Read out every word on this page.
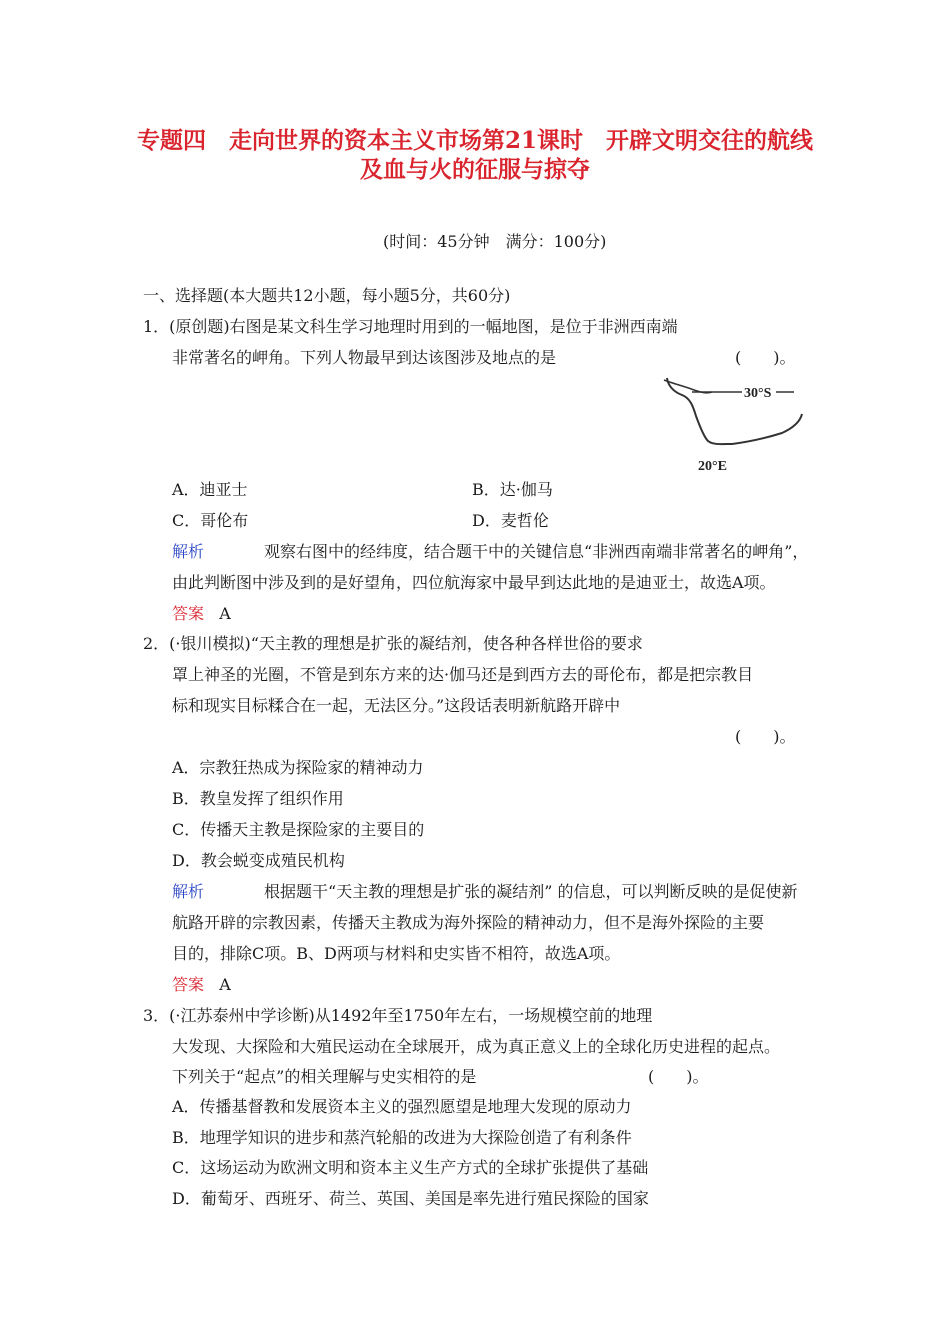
专题四　走向世界的资本主义市场第21课时　开辟文明交往的航线
及血与火的征服与掠夺
(时间：45分钟　满分：100分)
一、选择题(本大题共12小题，每小题5分，共60分)
1．(原创题)右图是某文科生学习地理时用到的一幅地图，是位于非洲西南端
非常著名的岬角。下列人物最早到达该图涉及地点的是	(　　)。
30°S
20°E
A．迪亚士	B．达·伽马
C．哥伦布	D．麦哲伦
解析	观察右图中的经纬度，结合题干中的关键信息“非洲西南端非常著名的岬角”，
由此判断图中涉及到的是好望角，四位航海家中最早到达此地的是迪亚士，故选A项。
答案 A
2．(·银川模拟)“天主教的理想是扩张的凝结剂，使各种各样世俗的要求
罩上神圣的光圈，不管是到东方来的达·伽马还是到西方去的哥伦布，都是把宗教目
标和现实目标糅合在一起，无法区分。”这段话表明新航路开辟中
(　　)。
A．宗教狂热成为探险家的精神动力
B．教皇发挥了组织作用
C．传播天主教是探险家的主要目的
D．教会蜕变成殖民机构
解析	根据题干“天主教的理想是扩张的凝结剂” 的信息，可以判断反映的是促使新
航路开辟的宗教因素，传播天主教成为海外探险的精神动力，但不是海外探险的主要
目的，排除C项。B、D两项与材料和史实皆不相符，故选A项。
答案 A
3．(·江苏泰州中学诊断)从1492年至1750年左右，一场规模空前的地理
大发现、大探险和大殖民运动在全球展开，成为真正意义上的全球化历史进程的起点。
下列关于“起点”的相关理解与史实相符的是	(　　)。
A．传播基督教和发展资本主义的强烈愿望是地理大发现的原动力
B．地理学知识的进步和蒸汽轮船的改进为大探险创造了有利条件
C．这场运动为欧洲文明和资本主义生产方式的全球扩张提供了基础
D．葡萄牙、西班牙、荷兰、英国、美国是率先进行殖民探险的国家
